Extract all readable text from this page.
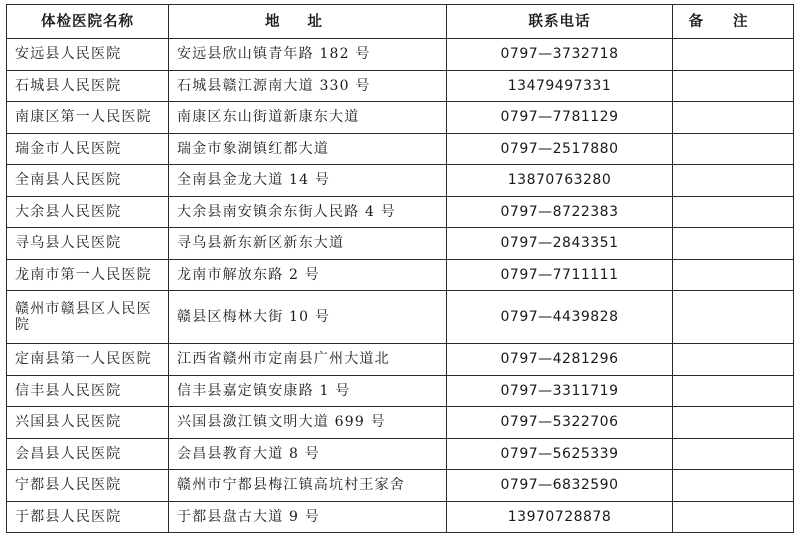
体检医院名称	地址	联系电话	备注
安远县人民医院	安远县欣山镇青年路 182 号	0797—3732718	
石城县人民医院	石城县赣江源南大道 330 号	13479497331	
南康区第一人民医院	南康区东山街道新康东大道	0797—7781129	
瑞金市人民医院	瑞金市象湖镇红都大道	0797—2517880	
全南县人民医院	全南县金龙大道 14 号	13870763280	
大余县人民医院	大余县南安镇余东街人民路 4 号	0797—8722383	
寻乌县人民医院	寻乌县新东新区新东大道	0797—2843351	
龙南市第一人民医院	龙南市解放东路 2 号	0797—7711111	
赣州市赣县区人民医院	赣县区梅林大街 10 号	0797—4439828	
定南县第一人民医院	江西省赣州市定南县广州大道北	0797—4281296	
信丰县人民医院	信丰县嘉定镇安康路 1 号	0797—3311719	
兴国县人民医院	兴国县潋江镇文明大道 699 号	0797—5322706	
会昌县人民医院	会昌县教育大道 8 号	0797—5625339	
宁都县人民医院	赣州市宁都县梅江镇高坑村王家舍	0797—6832590	
于都县人民医院	于都县盘古大道 9 号	13970728878	
